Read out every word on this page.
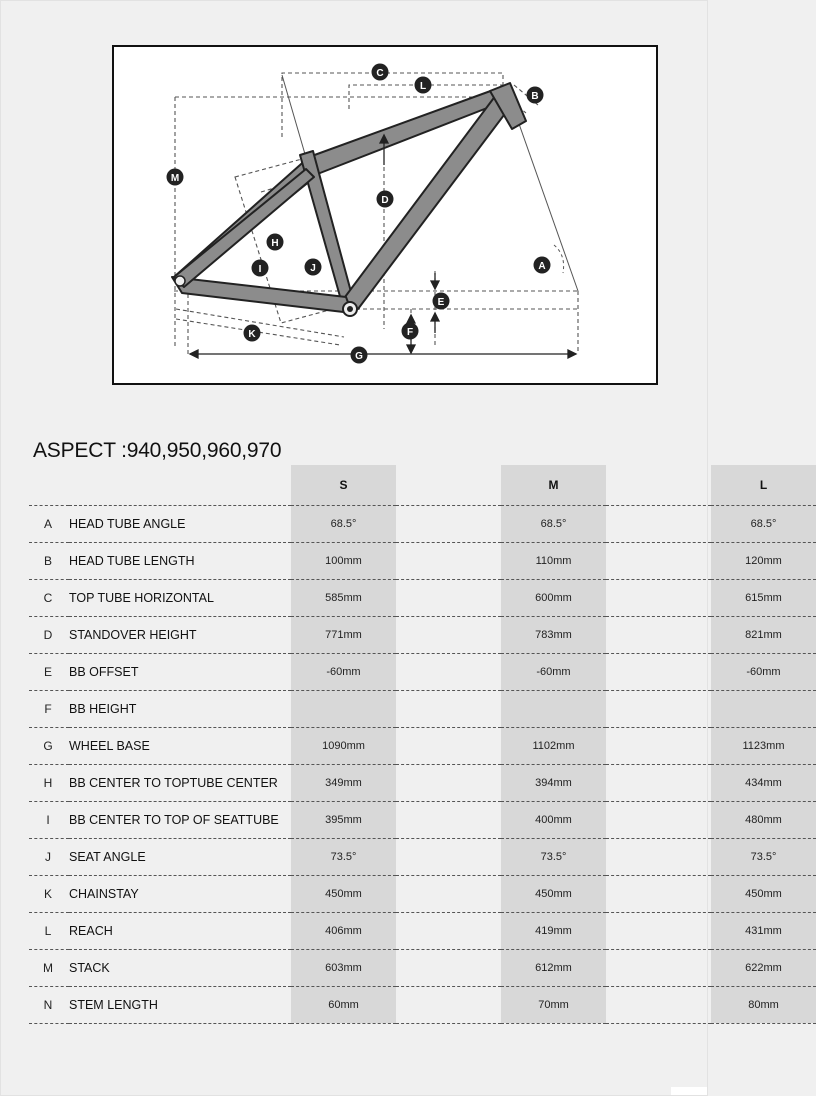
C
L
B
M
D
H
J
I	A
E
F
K
G
ASPECT :940,950,960,970
		S		M		L
A	HEAD TUBE ANGLE	68.5°		68.5°		68.5°
B	HEAD TUBE LENGTH	100mm		110mm		120mm
C	TOP TUBE HORIZONTAL	585mm		600mm		615mm
D	STANDOVER HEIGHT	771mm		783mm		821mm
E	BB OFFSET	-60mm		-60mm		-60mm
F	BB HEIGHT					
G	WHEEL BASE	1090mm		1102mm		1123mm
H	BB CENTER TO TOPTUBE CENTER	349mm		394mm		434mm
I	BB CENTER TO TOP OF SEATTUBE	395mm		400mm		480mm
J	SEAT ANGLE	73.5°		73.5°		73.5°
K	CHAINSTAY	450mm		450mm		450mm
L	REACH	406mm		419mm		431mm
M	STACK	603mm		612mm		622mm
N	STEM LENGTH	60mm		70mm		80mm
